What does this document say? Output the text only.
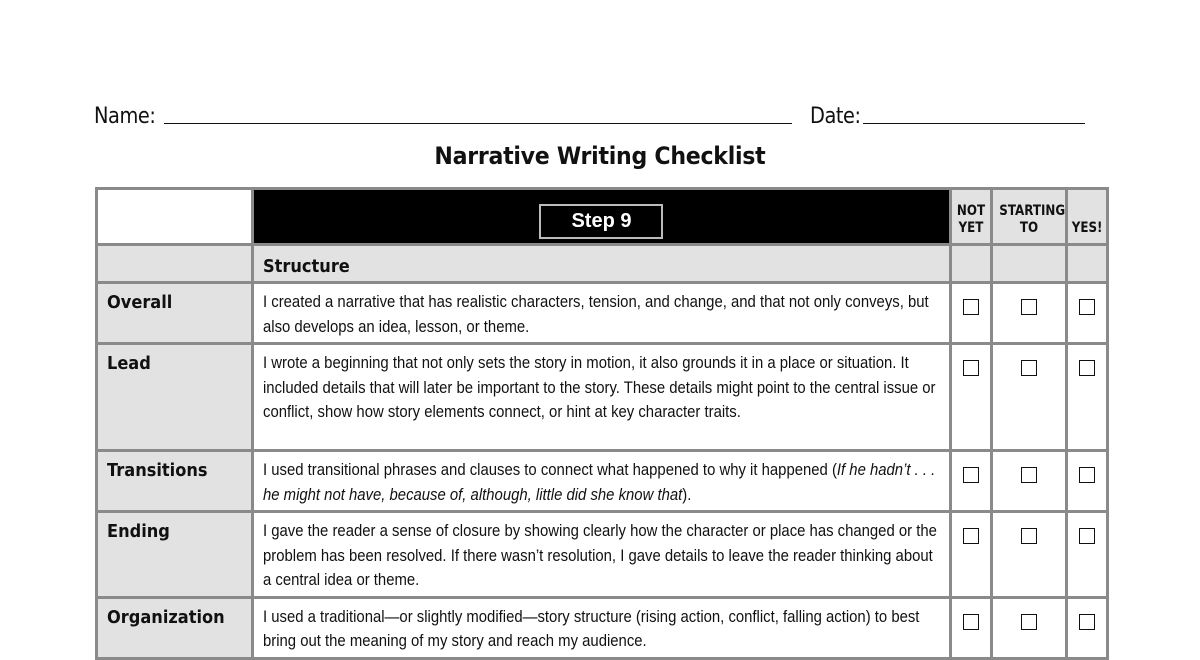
Name:	Date:
Narrative Writing Checklist
	Step 9	NOT YET	STARTING TO	YES!
	Structure			
Overall	I created a narrative that has realistic characters, tension, and change, and that not only conveys, but also develops an idea, lesson, or theme.			

Lead	I wrote a beginning that not only sets the story in motion, it also grounds it in a place or situation. It included details that will later be important to the story. These details might point to the central issue or conflict, show how story elements connect, or hint at key character traits.			

Transitions	I used transitional phrases and clauses to connect what happened to why it happened (If he hadn’t . . . he might not have, because of, although, little did she know that).			

Ending	I gave the reader a sense of closure by showing clearly how the character or place has changed or the problem has been resolved. If there wasn’t resolution, I gave details to leave the reader thinking about a central idea or theme.			

Organization	I used a traditional—or slightly modified—story structure (rising action, conflict, falling action) to best bring out the meaning of my story and reach my audience.			
